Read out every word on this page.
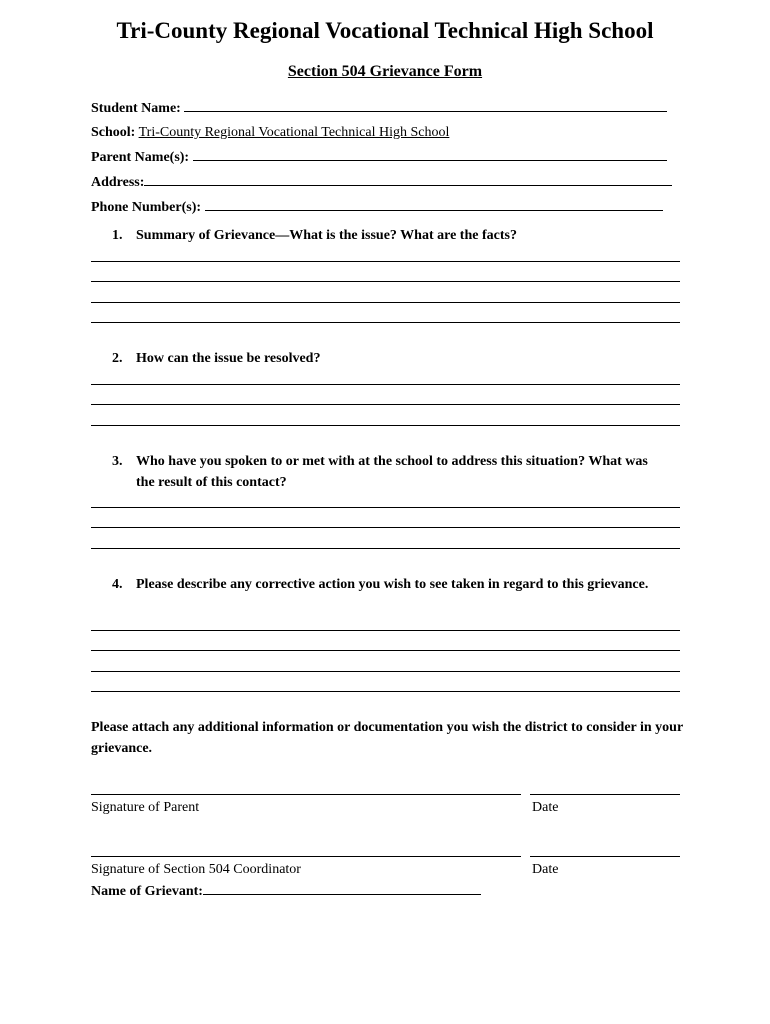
Tri-County Regional Vocational Technical High School
Section 504 Grievance Form
Student Name:
School: Tri-County Regional Vocational Technical High School
Parent Name(s):
Address:
Phone Number(s):
1. Summary of Grievance—What is the issue? What are the facts?
2. How can the issue be resolved?
3. Who have you spoken to or met with at the school to address this situation? What was the result of this contact?
4. Please describe any corrective action you wish to see taken in regard to this grievance.
Please attach any additional information or documentation you wish the district to consider in your grievance.
Signature of Parent	Date
Signature of Section 504 Coordinator	Date
Name of Grievant:
